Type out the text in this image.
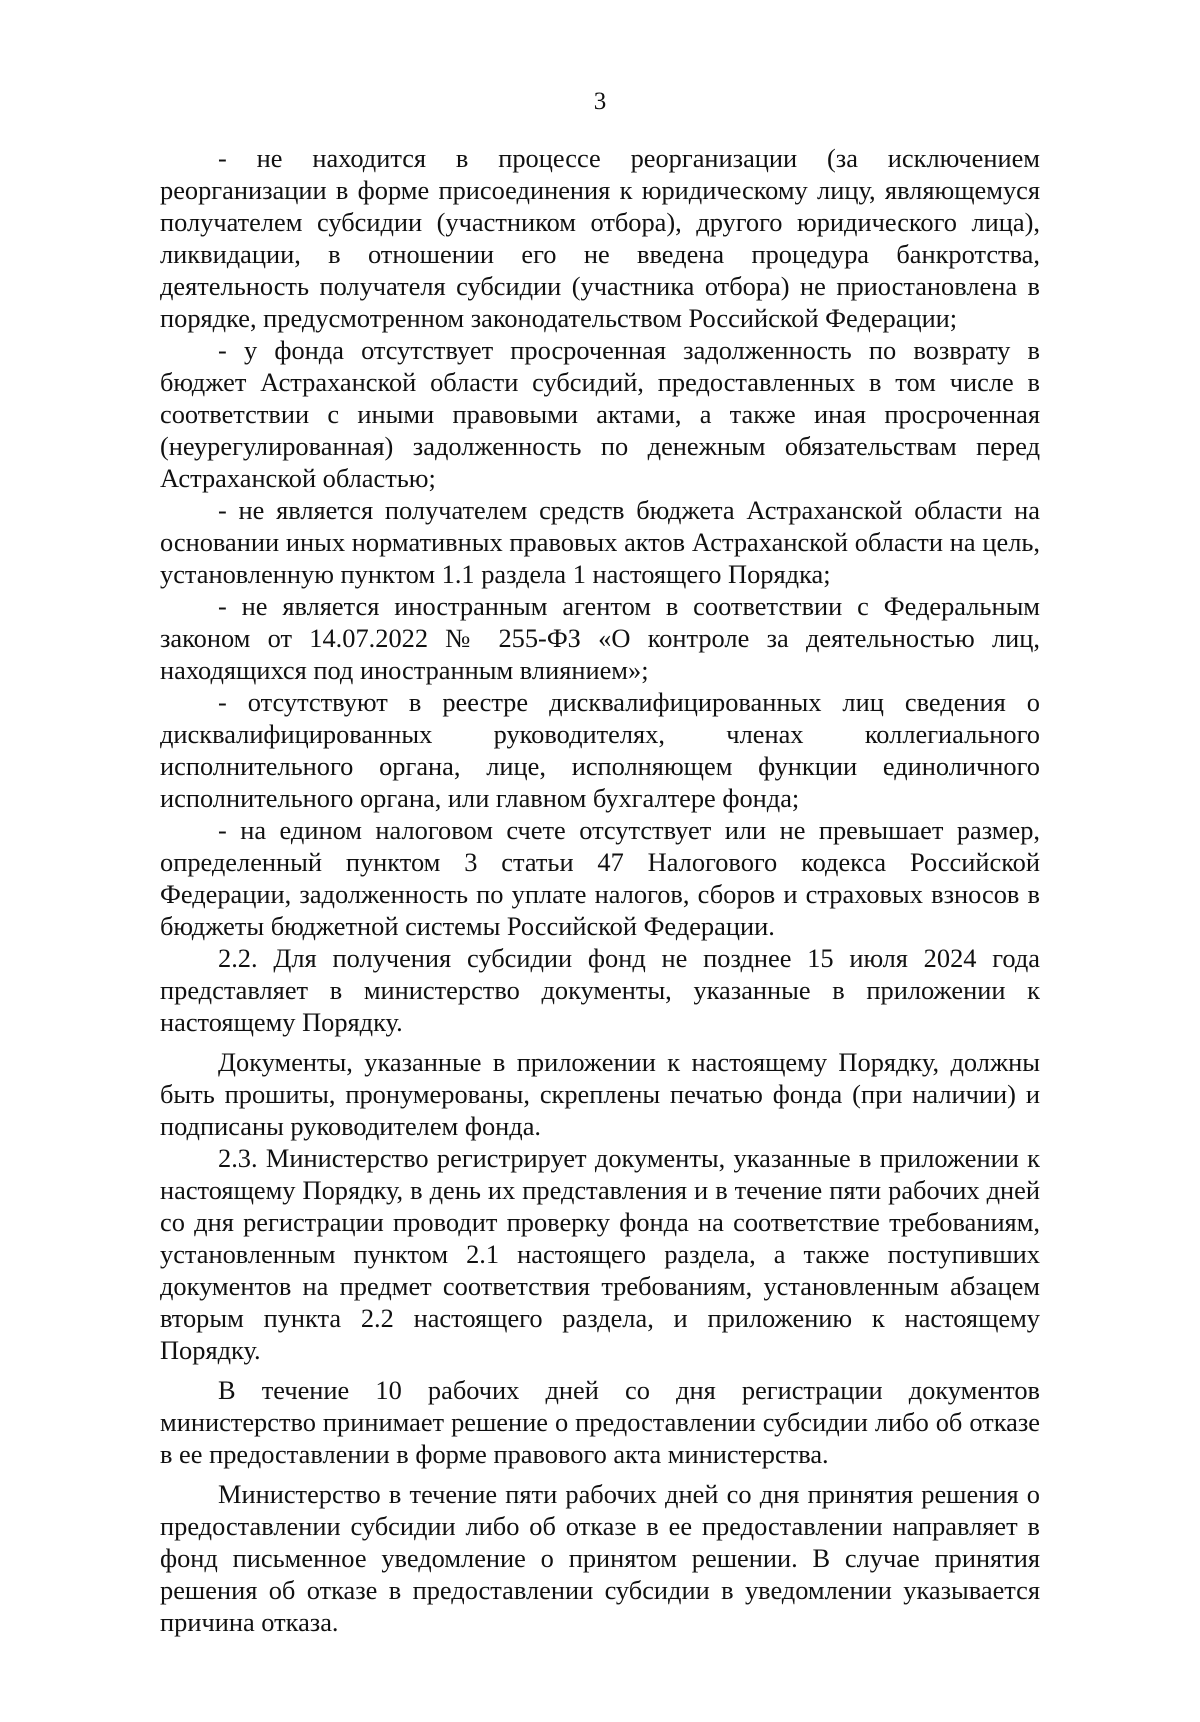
3

- не находится в процессе реорганизации (за исключением реорганизации в форме присоединения к юридическому лицу, являющемуся получателем субсидии (участником отбора), другого юридического лица), ликвидации, в отношении его не введена процедура банкротства, деятельность получателя субсидии (участника отбора) не приостановлена в порядке, предусмотренном законодательством Российской Федерации;

- у фонда отсутствует просроченная задолженность по возврату в бюджет Астраханской области субсидий, предоставленных в том числе в соответствии с иными правовыми актами, а также иная просроченная (неурегулированная) задолженность по денежным обязательствам перед Астраханской областью;

- не является получателем средств бюджета Астраханской области на основании иных нормативных правовых актов Астраханской области на цель, установленную пунктом 1.1 раздела 1 настоящего Порядка;

- не является иностранным агентом в соответствии с Федеральным законом от 14.07.2022 № 255-ФЗ «О контроле за деятельностью лиц, находящихся под иностранным влиянием»;

- отсутствуют в реестре дисквалифицированных лиц сведения о дисквалифицированных руководителях, членах коллегиального исполнительного органа, лице, исполняющем функции единоличного исполнительного органа, или главном бухгалтере фонда;

- на едином налоговом счете отсутствует или не превышает размер, определенный пунктом 3 статьи 47 Налогового кодекса Российской Федерации, задолженность по уплате налогов, сборов и страховых взносов в бюджеты бюджетной системы Российской Федерации.

2.2. Для получения субсидии фонд не позднее 15 июля 2024 года представляет в министерство документы, указанные в приложении к настоящему Порядку.

Документы, указанные в приложении к настоящему Порядку, должны быть прошиты, пронумерованы, скреплены печатью фонда (при наличии) и подписаны руководителем фонда.

2.3. Министерство регистрирует документы, указанные в приложении к настоящему Порядку, в день их представления и в течение пяти рабочих дней со дня регистрации проводит проверку фонда на соответствие требованиям, установленным пунктом 2.1 настоящего раздела, а также поступивших документов на предмет соответствия требованиям, установленным абзацем вторым пункта 2.2 настоящего раздела, и приложению к настоящему Порядку.

В течение 10 рабочих дней со дня регистрации документов министерство принимает решение о предоставлении субсидии либо об отказе в ее предоставлении в форме правового акта министерства.

Министерство в течение пяти рабочих дней со дня принятия решения о предоставлении субсидии либо об отказе в ее предоставлении направляет в фонд письменное уведомление о принятом решении. В случае принятия решения об отказе в предоставлении субсидии в уведомлении указывается причина отказа.
